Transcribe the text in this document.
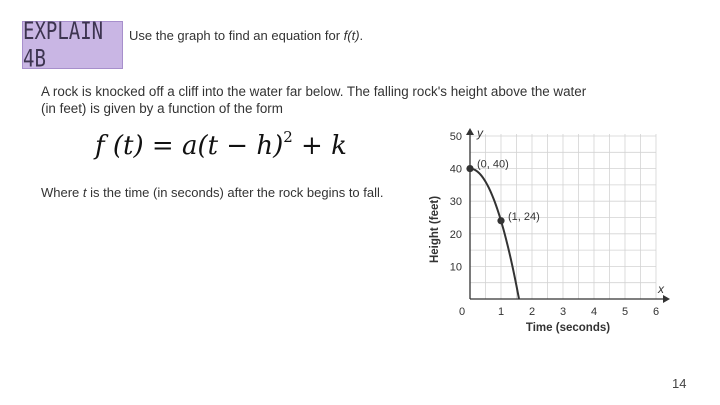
EXPLAIN 4B
Use the graph to find an equation for f(t).
A rock is knocked off a cliff into the water far below. The falling rock's height above the water (in feet) is given by a function of the form
f $(t) = a(t - h)^2 + k$
Where t is the time (in seconds) after the rock begins to fall.
10
20
30
40
50
0	1 2 3 4 5 6
(0, 40)
(1, 24)
Height (feet)
Time (seconds)
y
x
14
